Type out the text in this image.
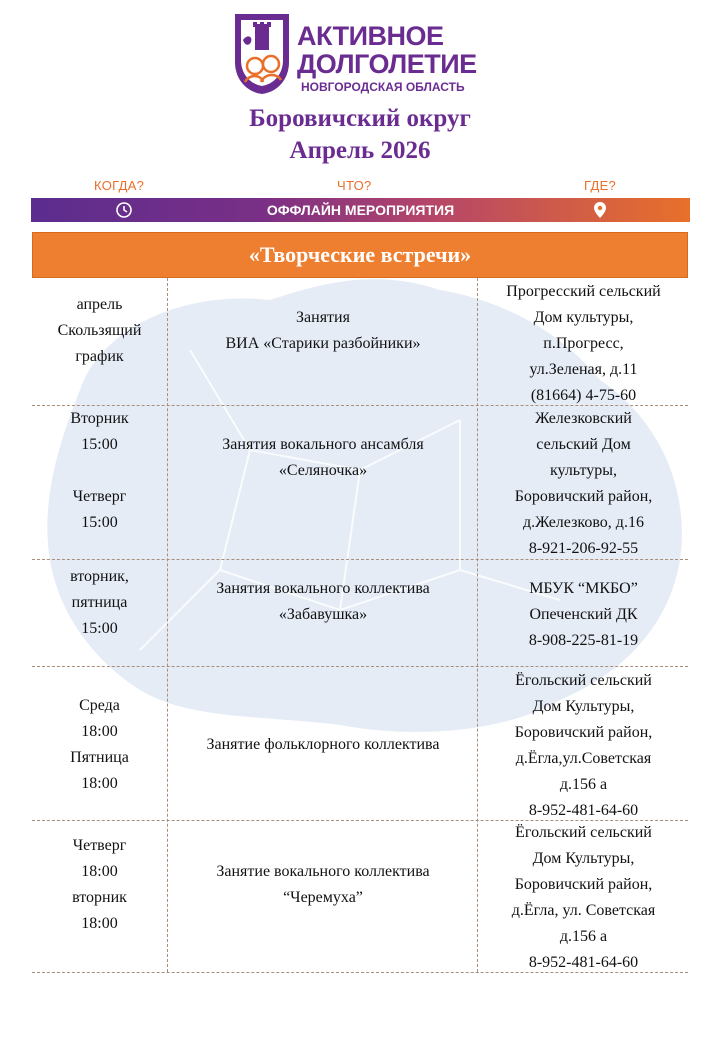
АКТИВНОЕ
ДОЛГОЛЕТИЕ
НОВГОРОДСКАЯ ОБЛАСТЬ
Боровичский округ
Апрель 2026
КОГДА?	ЧТО?	ГДЕ?
ОФФЛАЙН МЕРОПРИЯТИЯ
«Творческие встречи»
апрель
Скользящий
график
Занятия
ВИА «Старики разбойники»
Прогресский сельский
Дом культуры,
п.Прогресс,
ул.Зеленая, д.11
(81664) 4-75-60
Вторник
15:00

Четверг
15:00
Занятия вокального ансамбля
«Селяночка»
Железковский
сельский Дом
культуры,
Боровичский район,
д.Железково, д.16
8-921-206-92-55
вторник,
пятница
15:00
Занятия вокального коллектива
«Забавушка»
МБУК “МКБО”
Опеченский ДК
8-908-225-81-19
Среда
18:00
Пятница
18:00
Занятие фольклорного коллектива
Ёгольский сельский
Дом Культуры,
Боровичский район,
д.Ёгла,ул.Советская
д.156 а
8-952-481-64-60
Четверг
18:00
вторник
18:00
Занятие вокального коллектива
“Черемуха”
Ёгольский сельский
Дом Культуры,
Боровичский район,
д.Ёгла, ул. Советская
д.156 а
8-952-481-64-60
